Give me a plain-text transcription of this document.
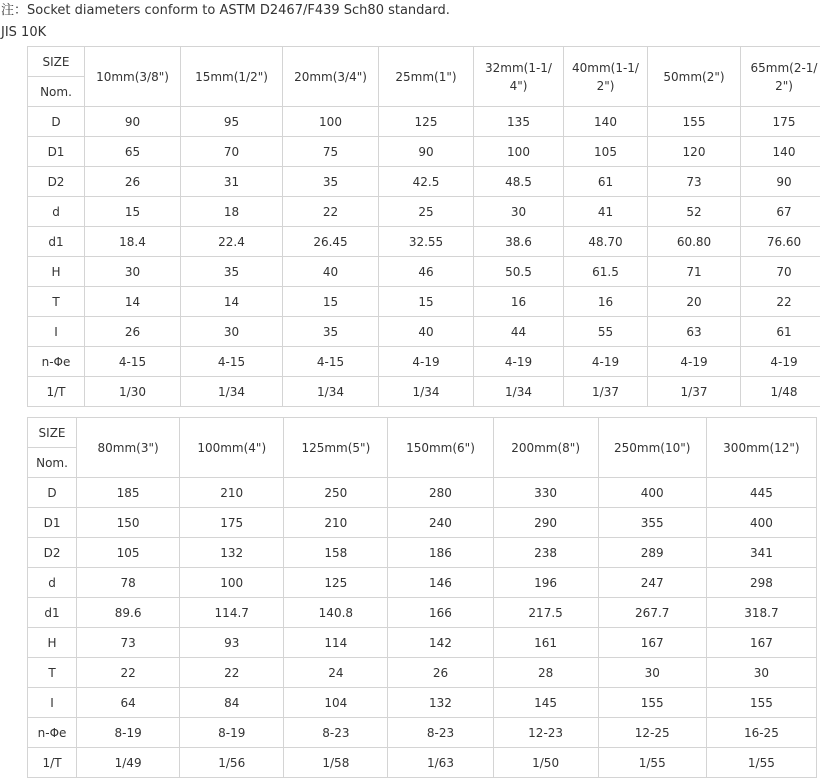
注：Socket diameters conform to ASTM D2467/F439 Sch80 standard.
JIS 10K
SIZE	10mm(3/8")	15mm(1/2")	20mm(3/4")	25mm(1")	32mm(1-1/4")	40mm(1-1/2")	50mm(2")	65mm(2-1/2")
Nom.								
D	90	95	100	125	135	140	155	175
D1	65	70	75	90	100	105	120	140
D2	26	31	35	42.5	48.5	61	73	90
d	15	18	22	25	30	41	52	67
d1	18.4	22.4	26.45	32.55	38.6	48.70	60.80	76.60
H	30	35	40	46	50.5	61.5	71	70
T	14	14	15	15	16	16	20	22
I	26	30	35	40	44	55	63	61
n-Φe	4-15	4-15	4-15	4-19	4-19	4-19	4-19	4-19
1/T	1/30	1/34	1/34	1/34	1/34	1/37	1/37	1/48
SIZE	80mm(3")	100mm(4")	125mm(5")	150mm(6")	200mm(8")	250mm(10")	300mm(12")
Nom.							
D	185	210	250	280	330	400	445
D1	150	175	210	240	290	355	400
D2	105	132	158	186	238	289	341
d	78	100	125	146	196	247	298
d1	89.6	114.7	140.8	166	217.5	267.7	318.7
H	73	93	114	142	161	167	167
T	22	22	24	26	28	30	30
I	64	84	104	132	145	155	155
n-Φe	8-19	8-19	8-23	8-23	12-23	12-25	16-25
1/T	1/49	1/56	1/58	1/63	1/50	1/55	1/55
